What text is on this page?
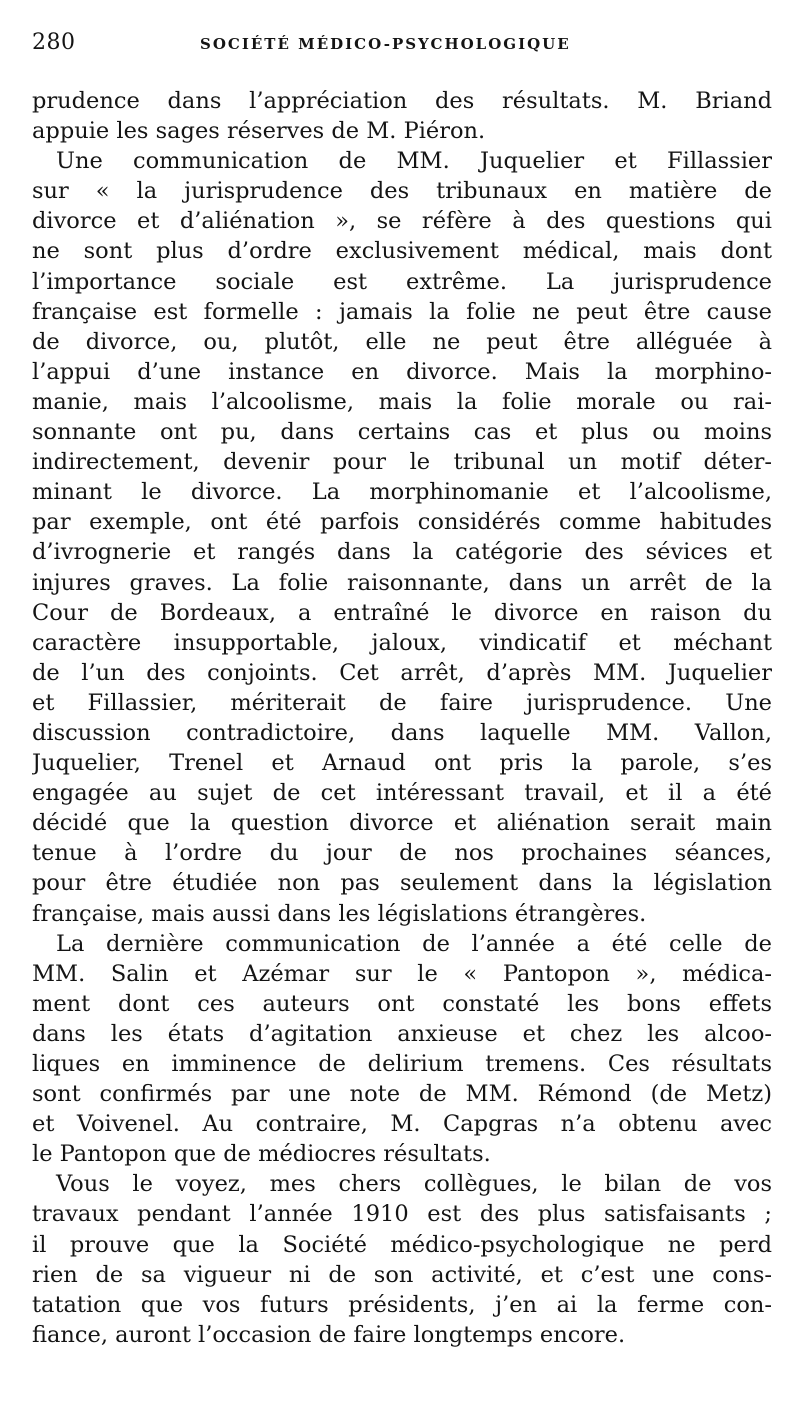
280	SOCIÉTÉ MÉDICO-PSYCHOLOGIQUE
prudence dans l’appréciation des résultats. M. Briand
appuie les sages réserves de M. Piéron.
Une communication de MM. Juquelier et Fillassier
sur « la jurisprudence des tribunaux en matière de
divorce et d’aliénation », se réfère à des questions qui
ne sont plus d’ordre exclusivement médical, mais dont
l’importance sociale est extrême. La jurisprudence
française est formelle : jamais la folie ne peut être cause
de divorce, ou, plutôt, elle ne peut être alléguée à
l’appui d’une instance en divorce. Mais la morphino-
manie, mais l’alcoolisme, mais la folie morale ou rai-
sonnante ont pu, dans certains cas et plus ou moins
indirectement, devenir pour le tribunal un motif déter-
minant le divorce. La morphinomanie et l’alcoolisme,
par exemple, ont été parfois considérés comme habitudes
d’ivrognerie et rangés dans la catégorie des sévices et
injures graves. La folie raisonnante, dans un arrêt de la
Cour de Bordeaux, a entraîné le divorce en raison du
caractère insupportable, jaloux, vindicatif et méchant
de l’un des conjoints. Cet arrêt, d’après MM. Juquelier
et Fillassier, mériterait de faire jurisprudence. Une
discussion contradictoire, dans laquelle MM. Vallon,
Juquelier, Trenel et Arnaud ont pris la parole, s’es
engagée au sujet de cet intéressant travail, et il a été
décidé que la question divorce et aliénation serait main
tenue à l’ordre du jour de nos prochaines séances,
pour être étudiée non pas seulement dans la législation
française, mais aussi dans les législations étrangères.
La dernière communication de l’année a été celle de
MM. Salin et Azémar sur le « Pantopon », médica-
ment dont ces auteurs ont constaté les bons effets
dans les états d’agitation anxieuse et chez les alcoo-
liques en imminence de delirium tremens. Ces résultats
sont confirmés par une note de MM. Rémond (de Metz)
et Voivenel. Au contraire, M. Capgras n’a obtenu avec
le Pantopon que de médiocres résultats.
Vous le voyez, mes chers collègues, le bilan de vos
travaux pendant l’année 1910 est des plus satisfaisants ;
il prouve que la Société médico-psychologique ne perd
rien de sa vigueur ni de son activité, et c’est une cons-
tatation que vos futurs présidents, j’en ai la ferme con-
fiance, auront l’occasion de faire longtemps encore.
